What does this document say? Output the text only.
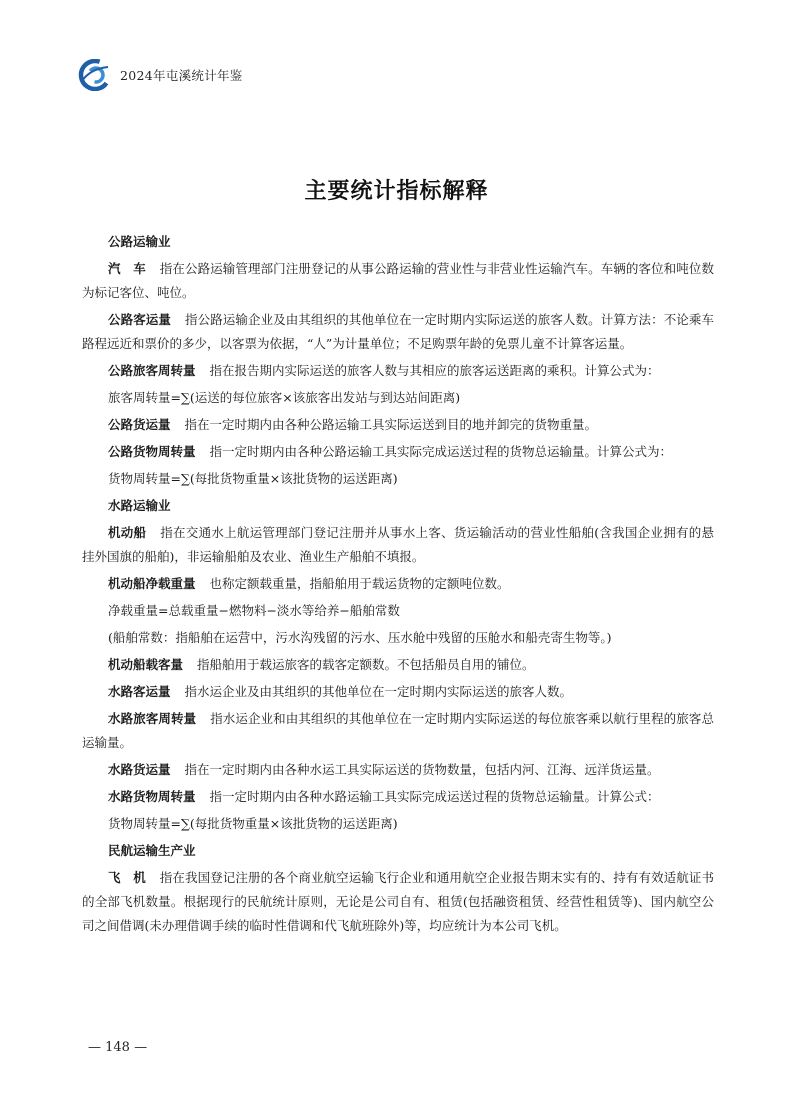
2024年屯溪统计年鉴
主要统计指标解释

公路运输业

汽　车 指在公路运输管理部门注册登记的从事公路运输的营业性与非营业性运输汽车。车辆的客位和吨位数为标记客位、吨位。

公路客运量 指公路运输企业及由其组织的其他单位在一定时期内实际运送的旅客人数。计算方法：不论乘车路程远近和票价的多少，以客票为依据，“人”为计量单位；不足购票年龄的免票儿童不计算客运量。

公路旅客周转量 指在报告期内实际运送的旅客人数与其相应的旅客运送距离的乘积。计算公式为：

旅客周转量=∑(运送的每位旅客×该旅客出发站与到达站间距离)

公路货运量 指在一定时期内由各种公路运输工具实际运送到目的地并卸完的货物重量。

公路货物周转量 指一定时期内由各种公路运输工具实际完成运送过程的货物总运输量。计算公式为：

货物周转量=∑(每批货物重量×该批货物的运送距离)

水路运输业

机动船 指在交通水上航运管理部门登记注册并从事水上客、货运输活动的营业性船舶(含我国企业拥有的悬挂外国旗的船舶)，非运输船舶及农业、渔业生产船舶不填报。

机动船净载重量 也称定额载重量，指船舶用于载运货物的定额吨位数。

净载重量=总载重量−燃物料−淡水等给养−船舶常数

(船舶常数：指船舶在运营中，污水沟残留的污水、压水舱中残留的压舱水和船壳寄生物等。)

机动船载客量 指船舶用于载运旅客的载客定额数。不包括船员自用的铺位。

水路客运量 指水运企业及由其组织的其他单位在一定时期内实际运送的旅客人数。

水路旅客周转量 指水运企业和由其组织的其他单位在一定时期内实际运送的每位旅客乘以航行里程的旅客总运输量。

水路货运量 指在一定时期内由各种水运工具实际运送的货物数量，包括内河、江海、远洋货运量。

水路货物周转量 指一定时期内由各种水路运输工具实际完成运送过程的货物总运输量。计算公式：

货物周转量=∑(每批货物重量×该批货物的运送距离)

民航运输生产业

飞　机 指在我国登记注册的各个商业航空运输飞行企业和通用航空企业报告期末实有的、持有有效适航证书的全部飞机数量。根据现行的民航统计原则，无论是公司自有、租赁(包括融资租赁、经营性租赁等)、国内航空公司之间借调(未办理借调手续的临时性借调和代飞航班除外)等，均应统计为本公司飞机。

— 148 —
